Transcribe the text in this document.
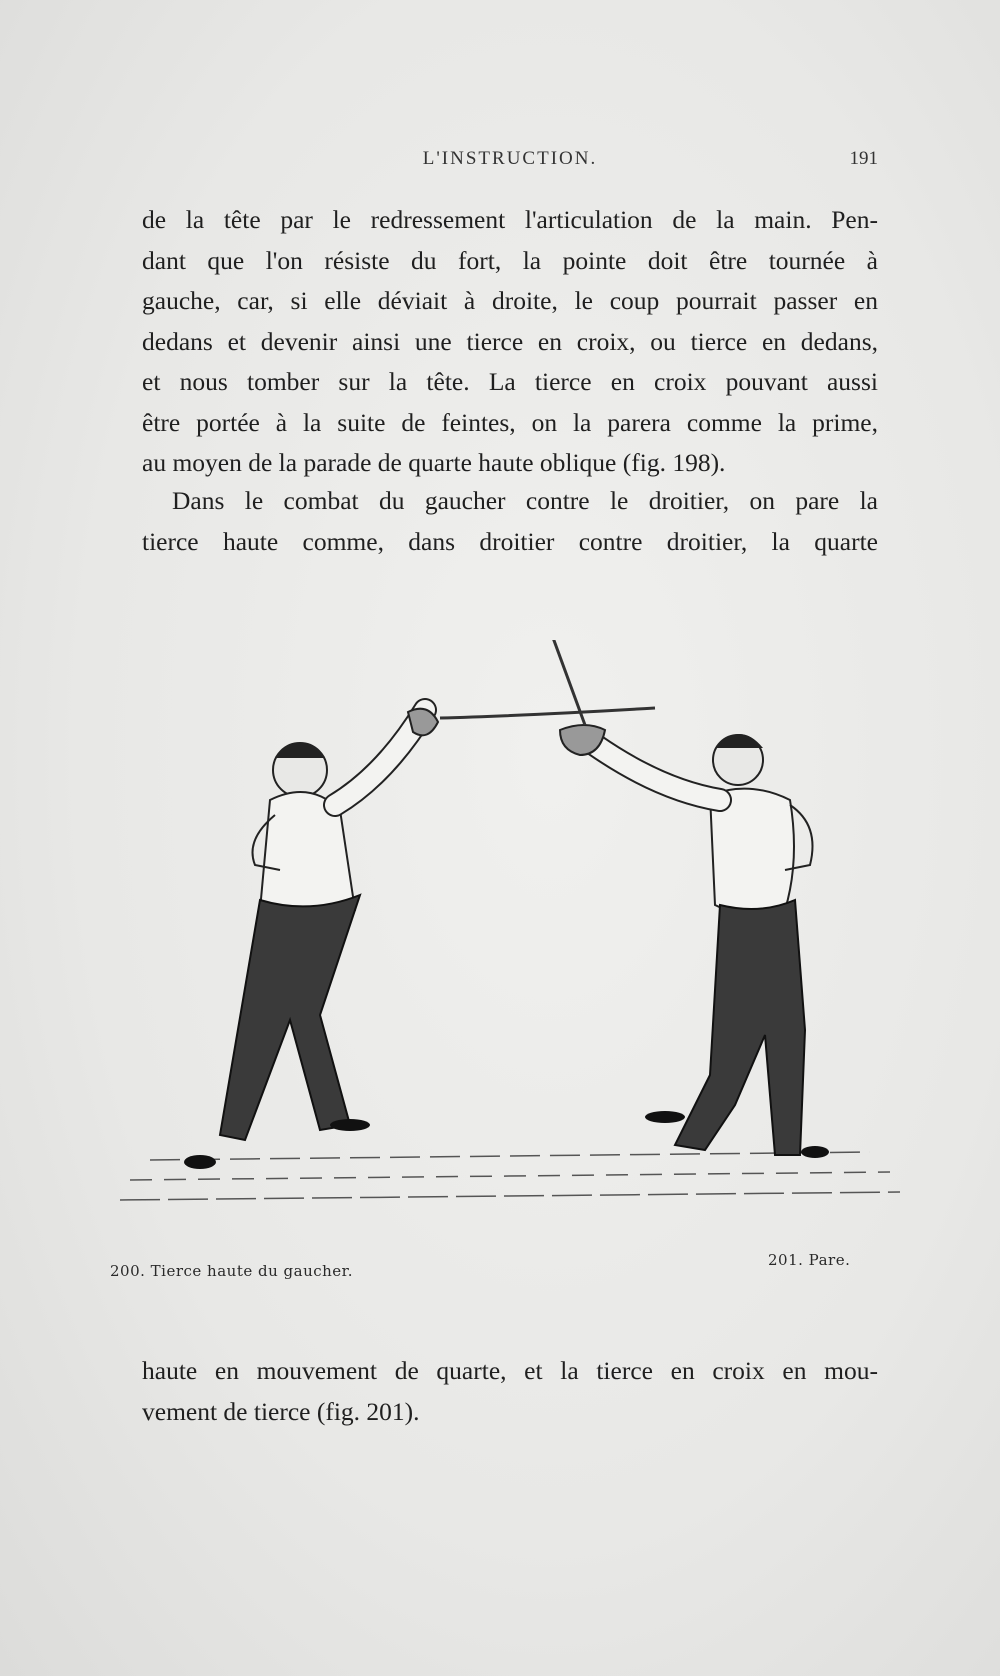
L'INSTRUCTION.	191

de la tête par le redressement l'articulation de la main. Pen-
dant que l'on résiste du fort, la pointe doit être tournée à
gauche, car, si elle déviait à droite, le coup pourrait passer en
dedans et devenir ainsi une tierce en croix, ou tierce en dedans,
et nous tomber sur la tête. La tierce en croix pouvant aussi
être portée à la suite de feintes, on la parera comme la prime,
au moyen de la parade de quarte haute oblique (fig. 198).

Dans le combat du gaucher contre le droitier, on pare la
tierce haute comme, dans droitier contre droitier, la quarte

200. Tierce haute du gaucher.
201. Pare.

haute en mouvement de quarte, et la tierce en croix en mou-
vement de tierce (fig. 201).
